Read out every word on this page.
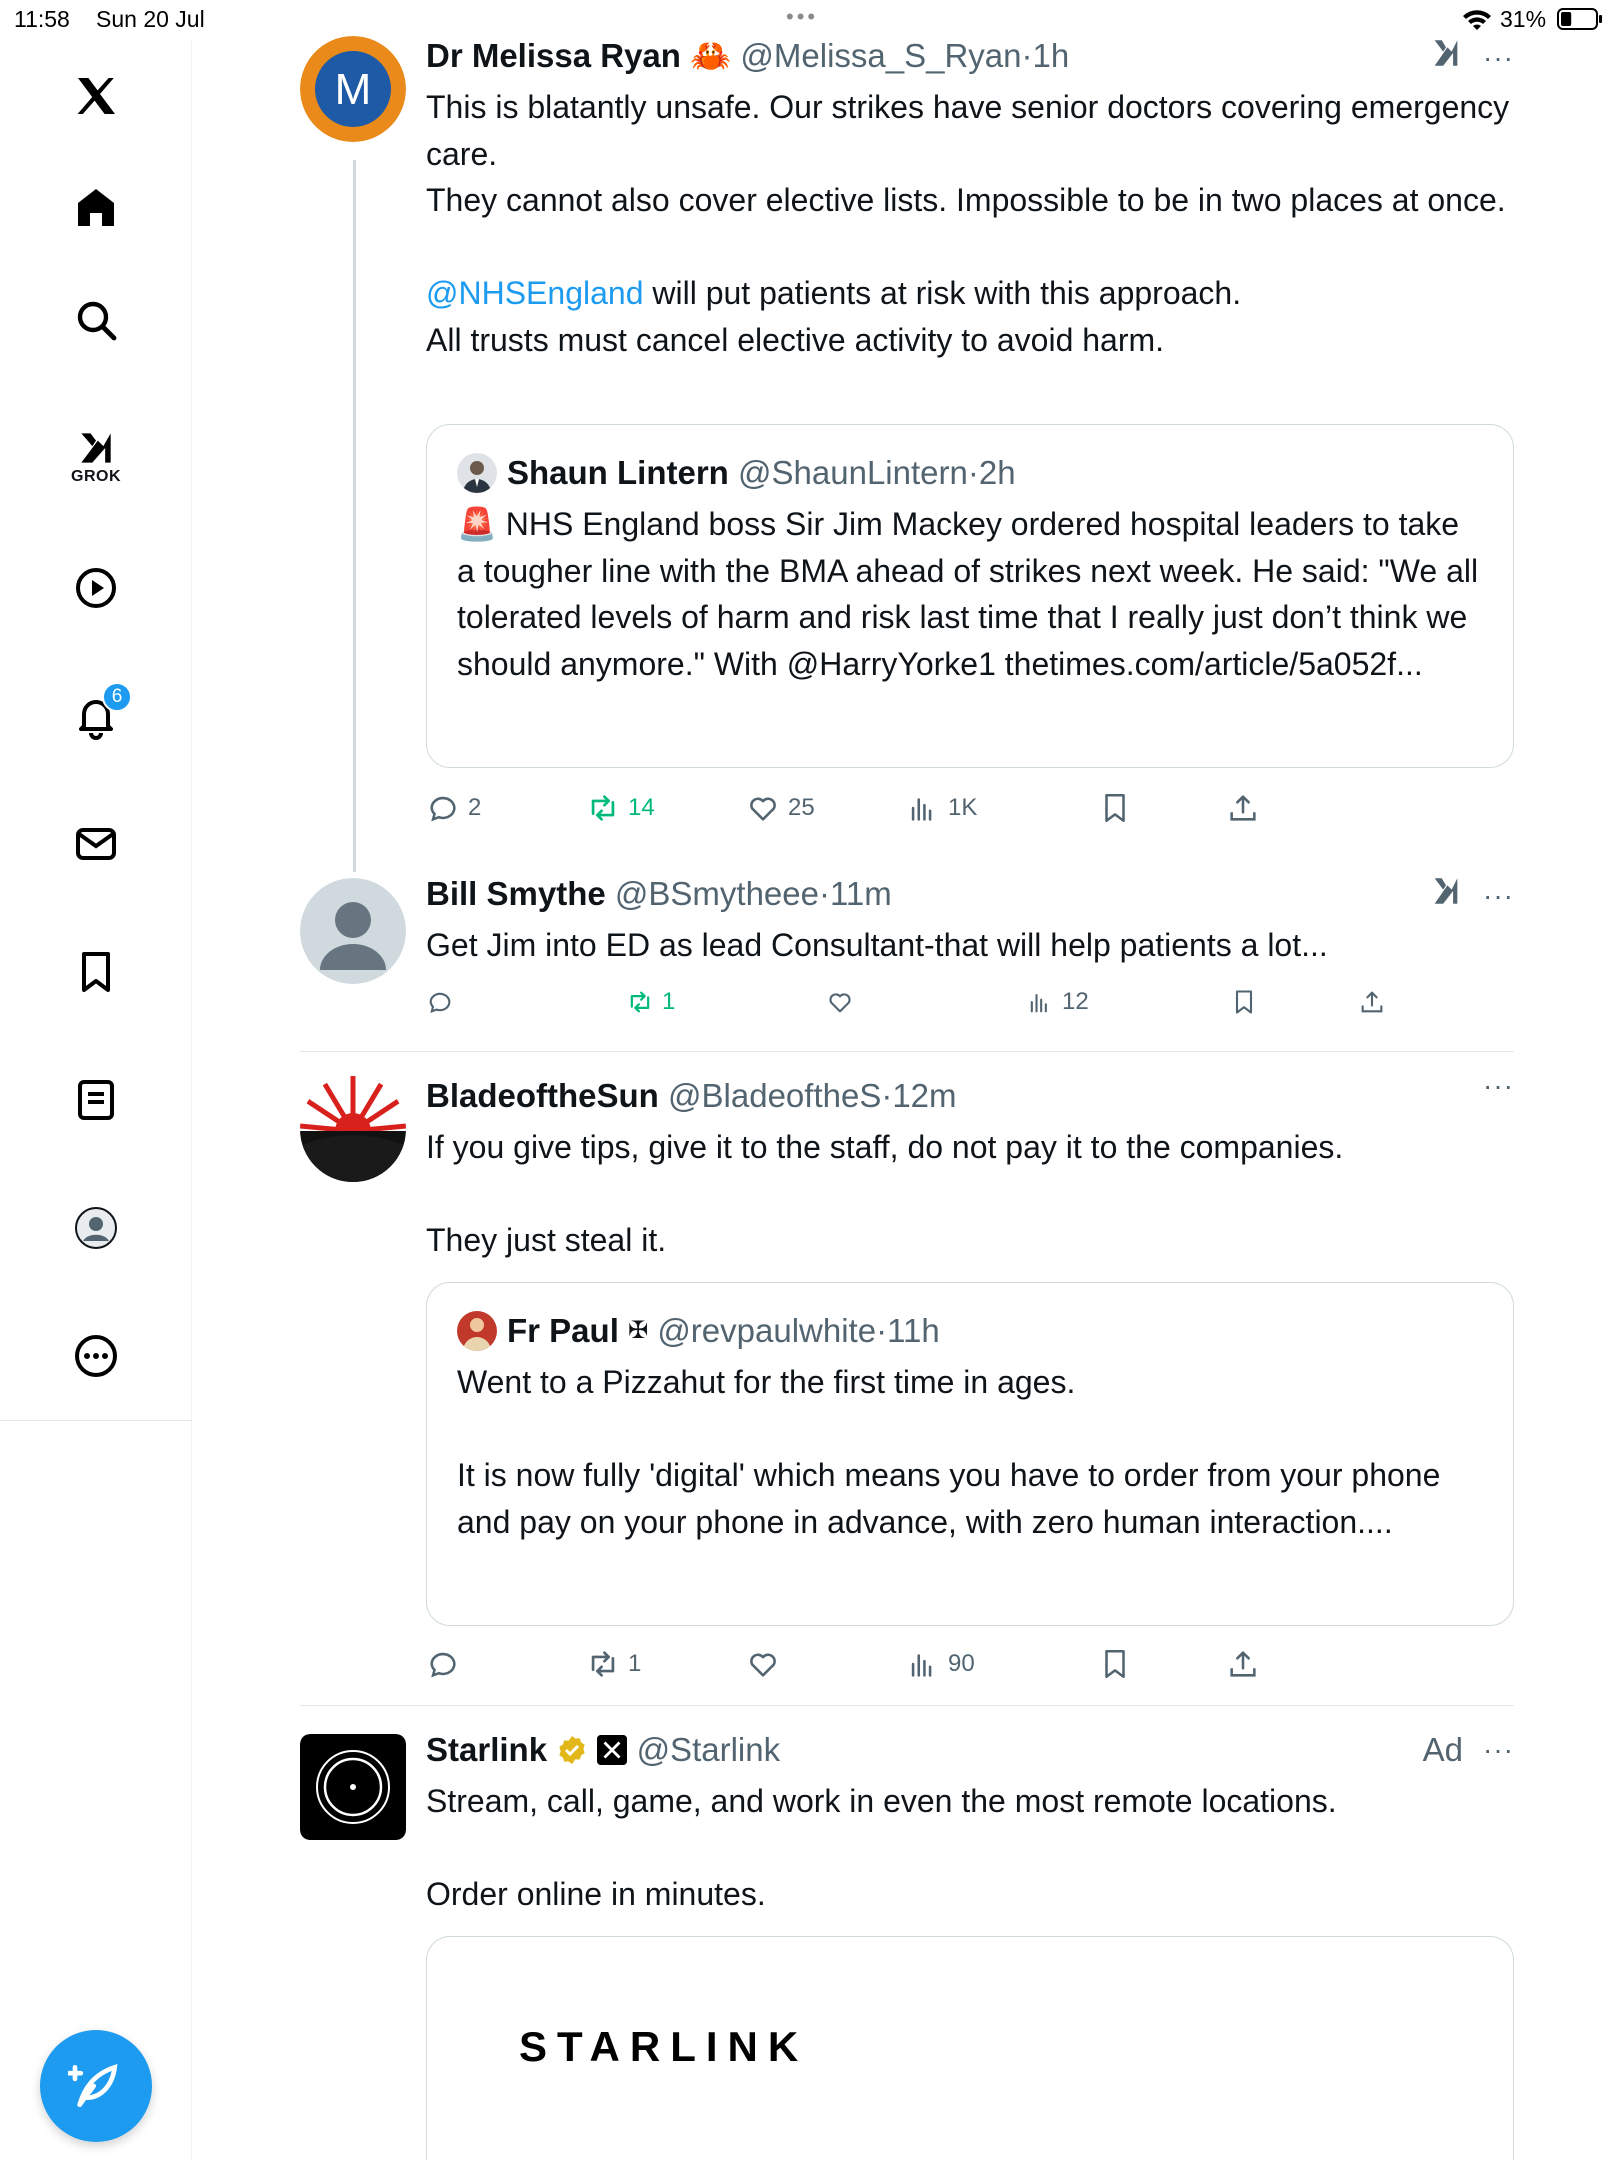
11:58 Sun 20 Jul	•••	31%
GROK
6
M
Dr Melissa Ryan 🦀 @Melissa_S_Ryan·1h	···

This is blatantly unsafe. Our strikes have senior doctors covering emergency care.

They cannot also cover elective lists. Impossible to be in two places at once.

@NHSEngland will put patients at risk with this approach.

All trusts must cancel elective activity to avoid harm.

Shaun Lintern
@ShaunLintern · 2h
🚨 NHS England boss Sir Jim Mackey ordered hospital leaders to take a tougher line with the BMA ahead of strikes next week. He said: "We all tolerated levels of harm and risk last time that I really just don’t think we should anymore." With @HarryYorke1 thetimes.com/article/5a052f...
2	14	25	1K
Bill Smythe @BSmytheee·11m	···

Get Jim into ED as lead Consultant-that will help patients a lot...

1	12
BladeoftheSun @BladeoftheS·12m	···

If you give tips, give it to the staff, do not pay it to the companies.

They just steal it.

Fr Paul
✠
@revpaulwhite · 11h

Went to a Pizzahut for the first time in ages.

It is now fully 'digital' which means you have to order from your phone and pay on your phone in advance, with zero human interaction....

1	90
Starlink	@Starlink	Ad ···

Stream, call, game, and work in even the most remote locations.

Order online in minutes.

STARLINK
